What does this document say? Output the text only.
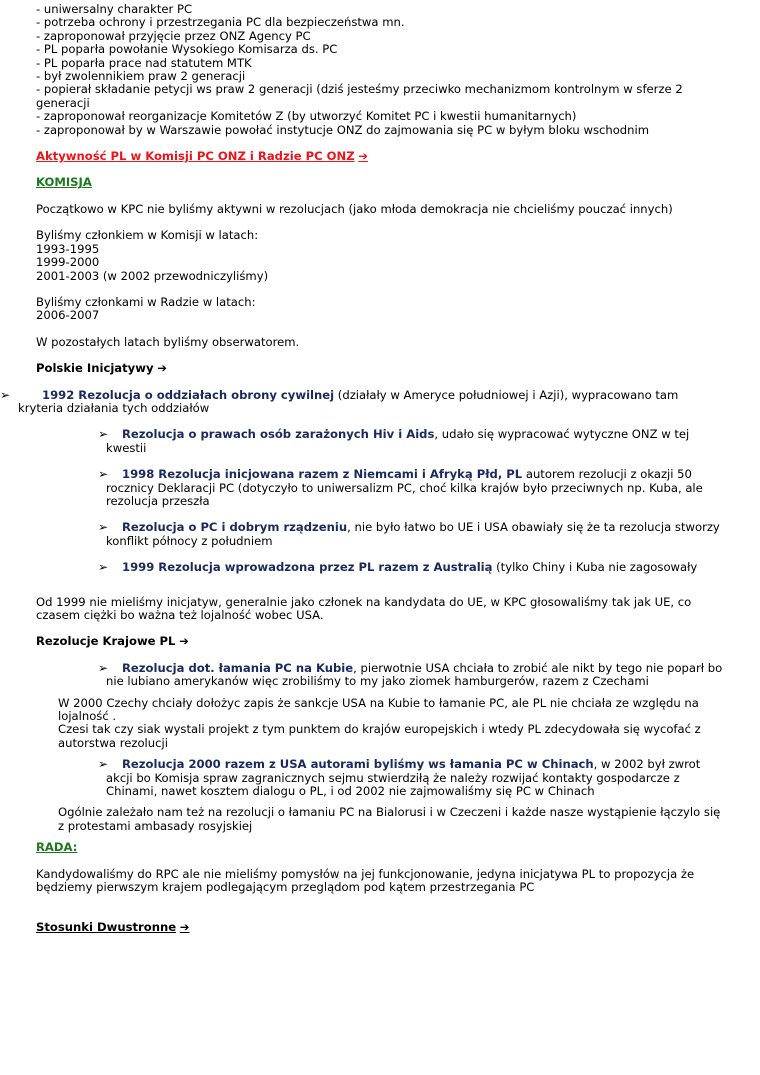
- uniwersalny charakter PC

- potrzeba ochrony i przestrzegania PC dla bezpieczeństwa mn.

- zaproponował przyjęcie przez ONZ Agency PC

- PL poparła powołanie Wysokiego Komisarza ds. PC

- PL poparła prace nad statutem MTK

- był zwolennikiem praw 2 generacji

- popierał składanie petycji ws praw 2 generacji (dziś jesteśmy przeciwko mechanizmom kontrolnym w sferze 2 generacji

- zaproponował reorganizacje Komitetów Z (by utworzyć Komitet PC i kwestii humanitarnych)

- zaproponował by w Warszawie powołać instytucje ONZ do zajmowania się PC w byłym bloku wschodnim

Aktywność PL w Komisji PC ONZ i Radzie PC ONZ ➔

KOMISJA

Początkowo w KPC nie byliśmy aktywni w rezolucjach (jako młoda demokracja nie chcieliśmy pouczać innych)

Byliśmy członkiem w Komisji w latach:

1993-1995

1999-2000

2001-2003 (w 2002 przewodniczyliśmy)

Byliśmy członkami w Radzie w latach:

2006-2007

W pozostałych latach byliśmy obserwatorem.

Polskie Inicjatywy ➔

➢	1992 Rezolucja o oddziałach obrony cywilnej (działały w Ameryce południowej i Azji), wypracowano tam kryteria działania tych oddziałów

➢	Rezolucja o prawach osób zarażonych Hiv i Aids, udało się wypracować wytyczne ONZ w tej kwestii

➢	1998 Rezolucja inicjowana razem z Niemcami i Afryką Płd, PL autorem rezolucji z okazji 50 rocznicy Deklaracji PC (dotyczyło to uniwersalizm PC, choć kilka krajów było przeciwnych np. Kuba, ale rezolucja przeszła

➢	Rezolucja o PC i dobrym rządzeniu, nie było łatwo bo UE i USA obawiały się że ta rezolucja stworzy konflikt północy z południem

➢	1999 Rezolucja wprowadzona przez PL razem z Australią (tylko Chiny i Kuba nie zagosowały

Od 1999 nie mieliśmy inicjatyw, generalnie jako członek na kandydata do UE, w KPC głosowaliśmy tak jak UE, co czasem ciężki bo ważna też lojalność wobec USA.

Rezolucje Krajowe PL ➔

➢	Rezolucja dot. łamania PC na Kubie, pierwotnie USA chciała to zrobić ale nikt by tego nie poparł bo nie lubiano amerykanów więc zrobiliśmy to my jako ziomek hamburgerów, razem z Czechami

W 2000 Czechy chciały dołożyc zapis że sankcje USA na Kubie to łamanie PC, ale PL nie chciała ze względu na lojalność .

Czesi tak czy siak wystali projekt z tym punktem do krajów europejskich i wtedy PL zdecydowała się wycofać z autorstwa rezolucji

➢	Rezolucja 2000 razem z USA autorami byliśmy ws łamania PC w Chinach, w 2002 był zwrot akcji bo Komisja spraw zagranicznych sejmu stwierdziłą że należy rozwijać kontakty gospodarcze z Chinami, nawet kosztem dialogu o PL, i od 2002 nie zajmowaliśmy się PC w Chinach

Ogólnie zależało nam też na rezolucji o łamaniu PC na Bialorusi i w Czeczeni i każde nasze wystąpienie łączylo się z protestami ambasady rosyjskiej

RADA:

Kandydowaliśmy do RPC ale nie mieliśmy pomysłów na jej funkcjonowanie, jedyna inicjatywa PL to propozycja że będziemy pierwszym krajem podlegającym przeglądom pod kątem przestrzegania PC

Stosunki Dwustronne ➔
